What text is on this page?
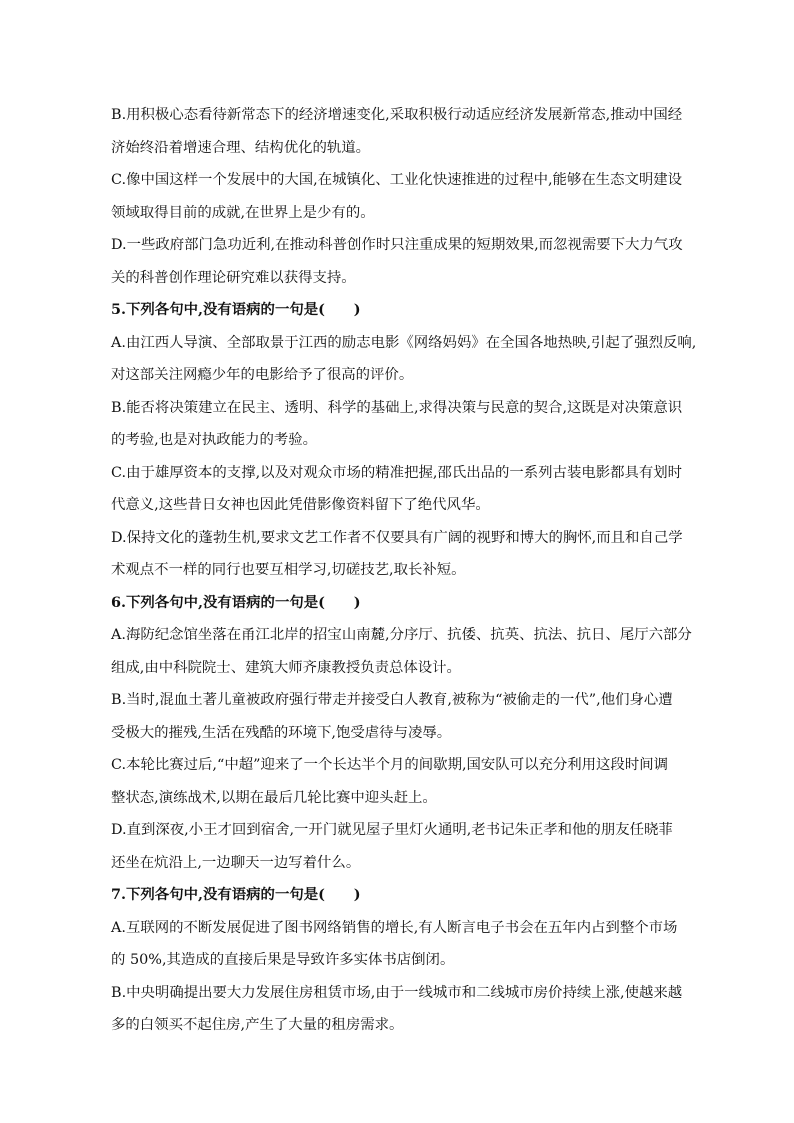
B.用积极心态看待新常态下的经济增速变化,采取积极行动适应经济发展新常态,推动中国经

济始终沿着增速合理、结构优化的轨道。

C.像中国这样一个发展中的大国,在城镇化、工业化快速推进的过程中,能够在生态文明建设

领域取得目前的成就,在世界上是少有的。

D.一些政府部门急功近利,在推动科普创作时只注重成果的短期效果,而忽视需要下大力气攻

关的科普创作理论研究难以获得支持。

5.下列各句中,没有语病的一句是(　　)

A.由江西人导演、全部取景于江西的励志电影《网络妈妈》在全国各地热映,引起了强烈反响,

对这部关注网瘾少年的电影给予了很高的评价。

B.能否将决策建立在民主、透明、科学的基础上,求得决策与民意的契合,这既是对决策意识

的考验,也是对执政能力的考验。

C.由于雄厚资本的支撑,以及对观众市场的精准把握,邵氏出品的一系列古装电影都具有划时

代意义,这些昔日女神也因此凭借影像资料留下了绝代风华。

D.保持文化的蓬勃生机,要求文艺工作者不仅要具有广阔的视野和博大的胸怀,而且和自己学

术观点不一样的同行也要互相学习,切磋技艺,取长补短。

6.下列各句中,没有语病的一句是(　　)

A.海防纪念馆坐落在甬江北岸的招宝山南麓,分序厅、抗倭、抗英、抗法、抗日、尾厅六部分

组成,由中科院院士、建筑大师齐康教授负责总体设计。

B.当时,混血土著儿童被政府强行带走并接受白人教育,被称为“被偷走的一代”,他们身心遭

受极大的摧残,生活在残酷的环境下,饱受虐待与凌辱。

C.本轮比赛过后,“中超”迎来了一个长达半个月的间歇期,国安队可以充分利用这段时间调

整状态,演练战术,以期在最后几轮比赛中迎头赶上。

D.直到深夜,小王才回到宿舍,一开门就见屋子里灯火通明,老书记朱正孝和他的朋友任晓菲

还坐在炕沿上,一边聊天一边写着什么。

7.下列各句中,没有语病的一句是(　　)

A.互联网的不断发展促进了图书网络销售的增长,有人断言电子书会在五年内占到整个市场

的 50%,其造成的直接后果是导致许多实体书店倒闭。

B.中央明确提出要大力发展住房租赁市场,由于一线城市和二线城市房价持续上涨,使越来越

多的白领买不起住房,产生了大量的租房需求。
